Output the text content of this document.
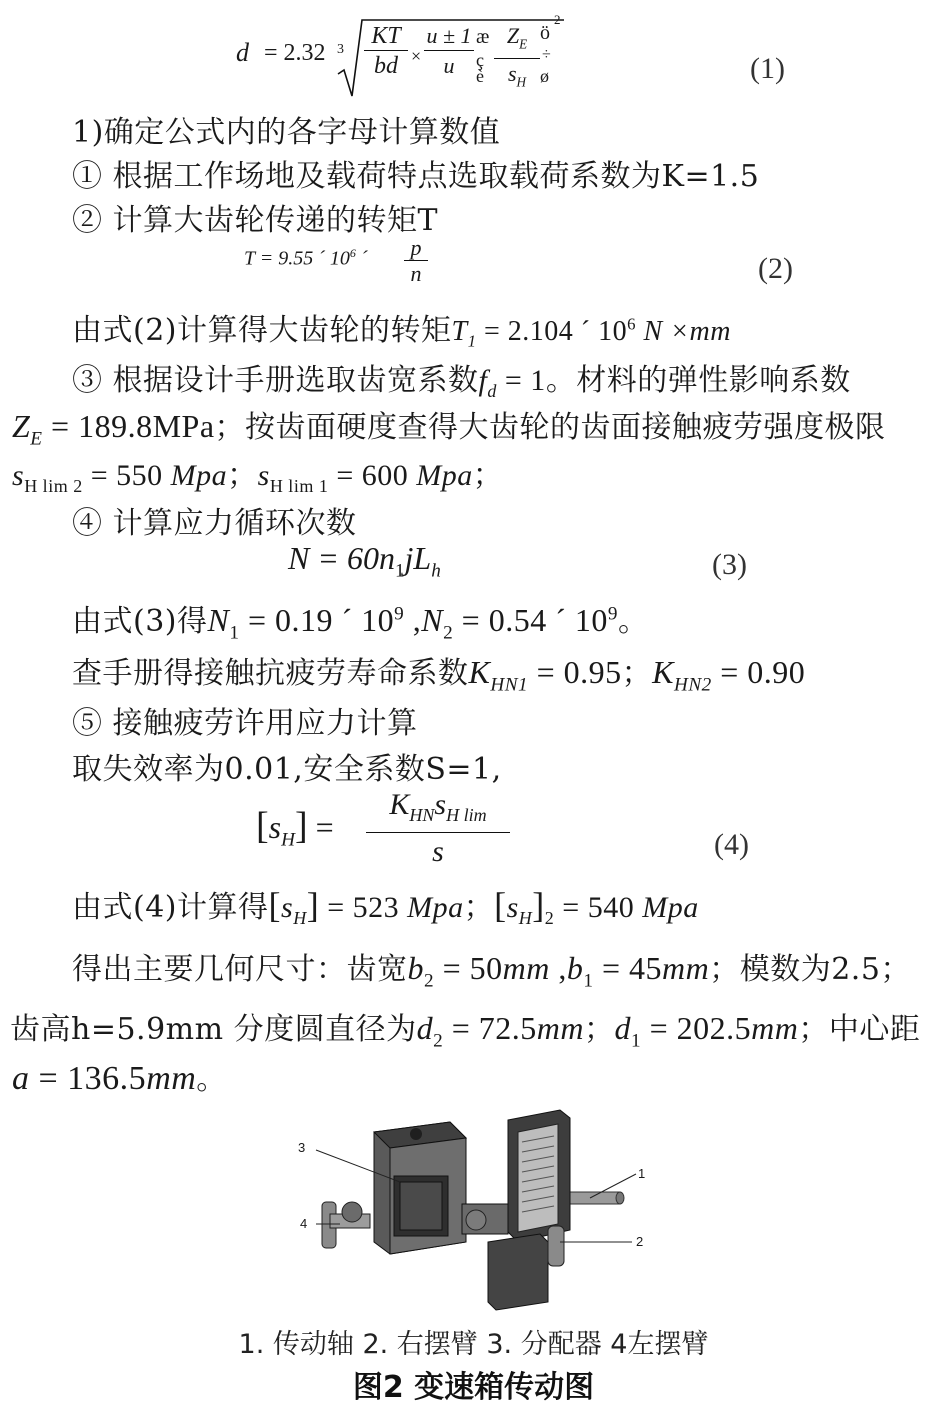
d = 2.32 3
KT
bd ×
u ± 1
u
æ
ç
è
$Z_E$
$s_H$
ö
2
÷
ø	(1)
1)确定公式内的各字母计算数值
① 根据工作场地及载荷特点选取载荷系数为K=1.5
② 计算大齿轮传递的转矩T
T = 9.55 ´ $10^6$ ´ p
n	(2)
由式(2)计算得大齿轮的转矩$T_1 = 2.104$ ´ $10^6$ N ×mm
③ 根据设计手册选取齿宽系数$f_d = 1$。材料的弹性影响系数
$Z_E = 189.8MPa$；按齿面硬度查得大齿轮的齿面接触疲劳强度极限
$s_{H lim 2} = 550$ Mpa；$s_{H lim 1} = 600$ Mpa；
④ 计算应力循环次数
$N = 60n_1jL_h$	(3)
由式(3)得$N_1 = 0.19$ ´ $10^9$ $,N_2 = 0.54$ ´ $10^9$。
查手册得接触抗疲劳寿命系数$K_{HN1} = 0.95$；$K_{HN2} = 0.90$
⑤ 接触疲劳许用应力计算
取失效率为0.01,安全系数S=1,
$[s_H]$ =
$K_{HN}s_{H lim}$
s	(4)
由式(4)计算得$[s_H] = 523$ Mpa；$[s_H]_2 = 540$ Mpa
得出主要几何尺寸：齿宽$b_2 = 50mm$ $,b_1 = 45mm$；模数为2.5；
齿高h=5.9mm 分度圆直径为$d_2 = 72.5mm$；$d_1 = 202.5mm$；中心距
a = 136.5mm。
3
4
1
2
1. 传动轴 2. 右摆臂 3. 分配器 4左摆臂
图2 变速箱传动图
